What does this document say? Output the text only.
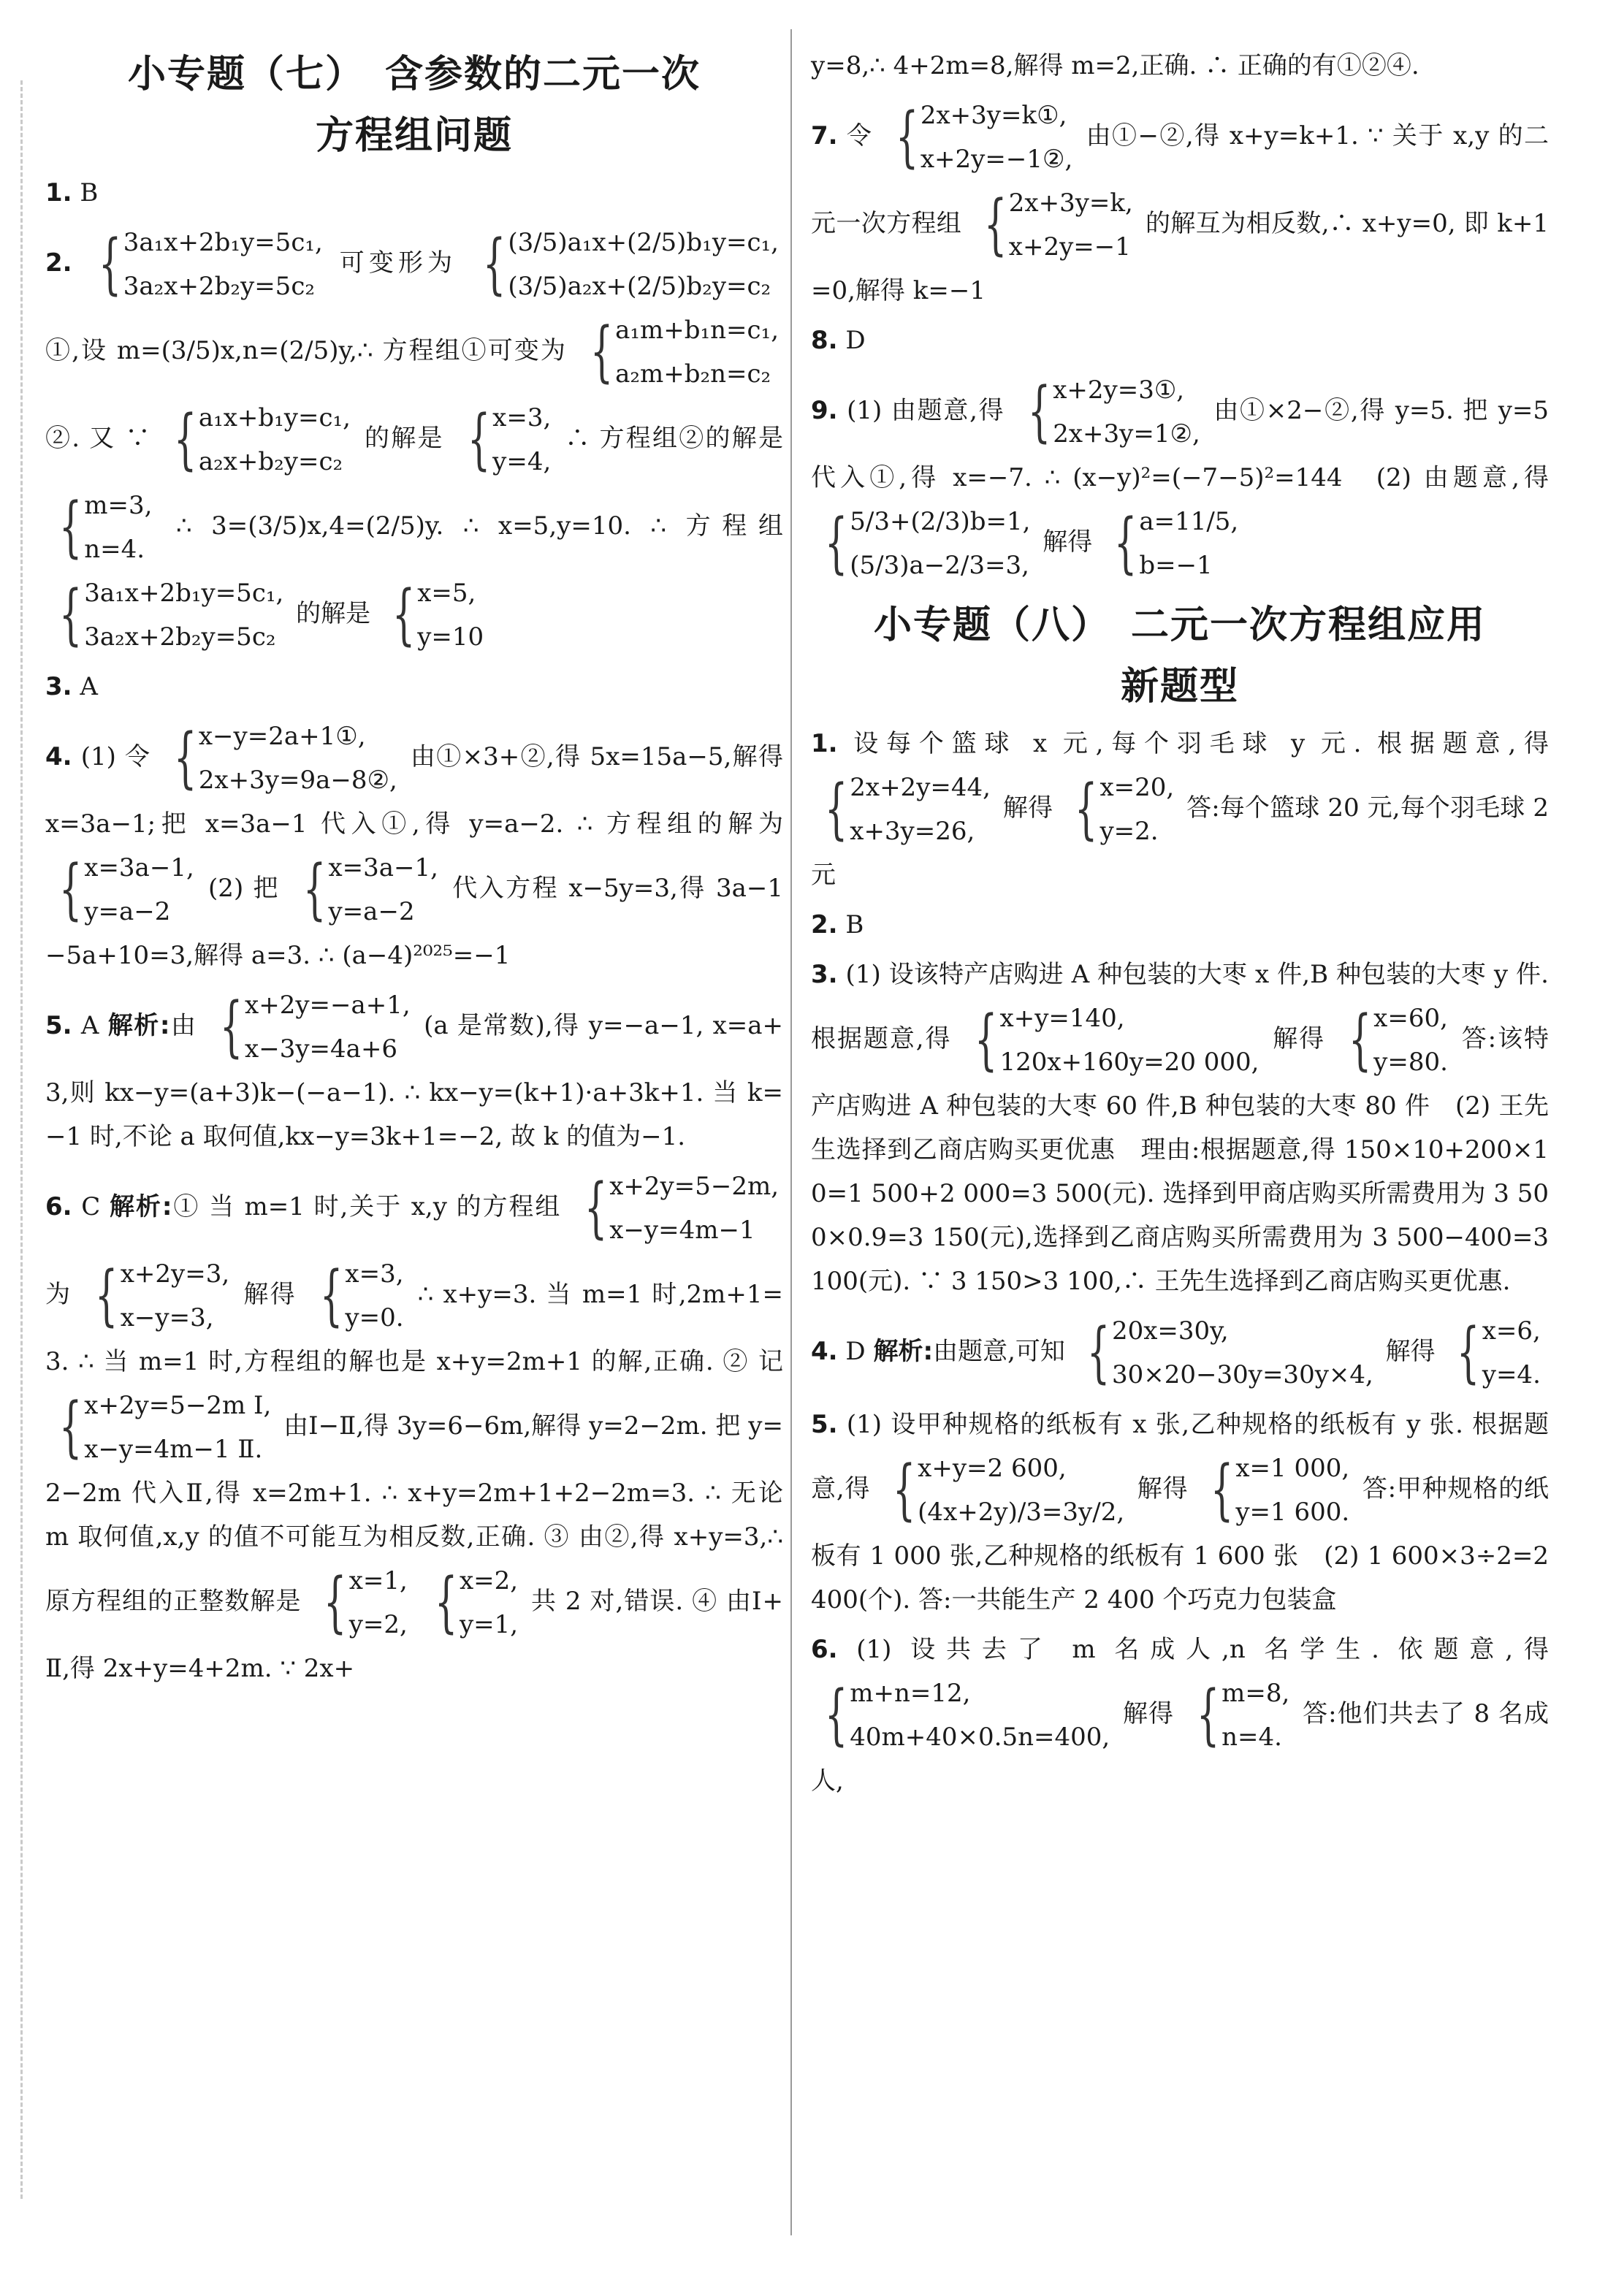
小专题（七）　含参数的二元一次
方程组问题

1. B

2. { 3a₁x+2b₁y=5c₁,
3a₂x+2b₂y=5c₂
可变形为 { (3/5)a₁x+(2/5)b₁y=c₁,
(3/5)a₂x+(2/5)b₂y=c₂
①,设 m=(3/5)x,n=(2/5)y,∴ 方程组①可变为 { a₁m+b₁n=c₁,
a₂m+b₂n=c₂
②. 又 ∵ { a₁x+b₁y=c₁,
a₂x+b₂y=c₂
的解是 { x=3,
y=4,
∴ 方程组②的解是
{ m=3,
n=4.
∴ 3=(3/5)x,4=(2/5)y. ∴ x=5,y=10. ∴ 方程组
{ 3a₁x+2b₁y=5c₁,
3a₂x+2b₂y=5c₂
的解是 { x=5,
y=10

3. A

4. (1) 令 { x−y=2a+1①,
2x+3y=9a−8②,
由①×3+②,得 5x=15a−5,解得 x=3a−1;把 x=3a−1 代入①,得 y=a−2. ∴ 方程组的解为
{ x=3a−1,
y=a−2
(2) 把 { x=3a−1,
y=a−2
代入方程 x−5y=3,得 3a−1−5a+10=3,解得 a=3. ∴ (a−4)²⁰²⁵=−1

5. A 解析:由 { x+2y=−a+1,
x−3y=4a+6
(a 是常数),得 y=−a−1, x=a+3,则 kx−y=(a+3)k−(−a−1). ∴ kx−y=(k+1)·a+3k+1. 当 k=−1 时,不论 a 取何值,kx−y=3k+1=−2, 故 k 的值为−1.

6. C 解析:① 当 m=1 时,关于 x,y 的方程组 { x+2y=5−2m,
x−y=4m−1
为 { x+2y=3,
x−y=3,
解得 { x=3,
y=0.
∴ x+y=3. 当 m=1 时,2m+1=3. ∴ 当 m=1 时,方程组的解也是 x+y=2m+1 的解,正确. ② 记
{ x+2y=5−2m Ⅰ,
x−y=4m−1 Ⅱ.
由Ⅰ−Ⅱ,得 3y=6−6m,解得 y=2−2m. 把 y=2−2m 代入Ⅱ,得 x=2m+1. ∴ x+y=2m+1+2−2m=3. ∴ 无论 m 取何值,x,y 的值不可能互为相反数,正确. ③ 由②,得 x+y=3,∴ 原方程组的正整数解是 { x=1,
y=2,
{ x=2,
y=1,
共 2 对,错误. ④ 由Ⅰ+Ⅱ,得 2x+y=4+2m. ∵ 2x+

y=8,∴ 4+2m=8,解得 m=2,正确. ∴ 正确的有①②④.

7. 令 { 2x+3y=k①,
x+2y=−1②,
由①−②,得 x+y=k+1. ∵ 关于 x,y 的二元一次方程组 { 2x+3y=k,
x+2y=−1
的解互为相反数,∴ x+y=0, 即 k+1=0,解得 k=−1

8. D

9. (1) 由题意,得 { x+2y=3①,
2x+3y=1②,
由①×2−②,得 y=5. 把 y=5 代入①,得 x=−7. ∴ (x−y)²=(−7−5)²=144　(2) 由题意,得
{ 5/3+(2/3)b=1,
(5/3)a−2/3=3,
解得 { a=11/5,
b=−1

小专题（八）　二元一次方程组应用
新题型

1. 设每个篮球 x 元,每个羽毛球 y 元. 根据题意,得
{ 2x+2y=44,
x+3y=26,
解得 { x=20,
y=2.
答:每个篮球 20 元,每个羽毛球 2 元

2. B

3. (1) 设该特产店购进 A 种包装的大枣 x 件,B 种包装的大枣 y 件. 根据题意,得 { x+y=140,
120x+160y=20 000,
解得 { x=60,
y=80.
答:该特产店购进 A 种包装的大枣 60 件,B 种包装的大枣 80 件　(2) 王先生选择到乙商店购买更优惠　理由:根据题意,得 150×10+200×10=1 500+2 000=3 500(元). 选择到甲商店购买所需费用为 3 500×0.9=3 150(元),选择到乙商店购买所需费用为 3 500−400=3 100(元). ∵ 3 150>3 100,∴ 王先生选择到乙商店购买更优惠.

4. D 解析:由题意,可知 { 20x=30y,
30×20−30y=30y×4,
解得 { x=6,
y=4.

5. (1) 设甲种规格的纸板有 x 张,乙种规格的纸板有 y 张. 根据题意,得 { x+y=2 600,
(4x+2y)/3=3y/2,
解得 { x=1 000,
y=1 600.
答:甲种规格的纸板有 1 000 张,乙种规格的纸板有 1 600 张　(2) 1 600×3÷2=2 400(个). 答:一共能生产 2 400 个巧克力包装盒

6. (1) 设共去了 m 名成人,n 名学生. 依题意,得
{ m+n=12,
40m+40×0.5n=400,
解得 { m=8,
n=4.
答:他们共去了 8 名成人,
